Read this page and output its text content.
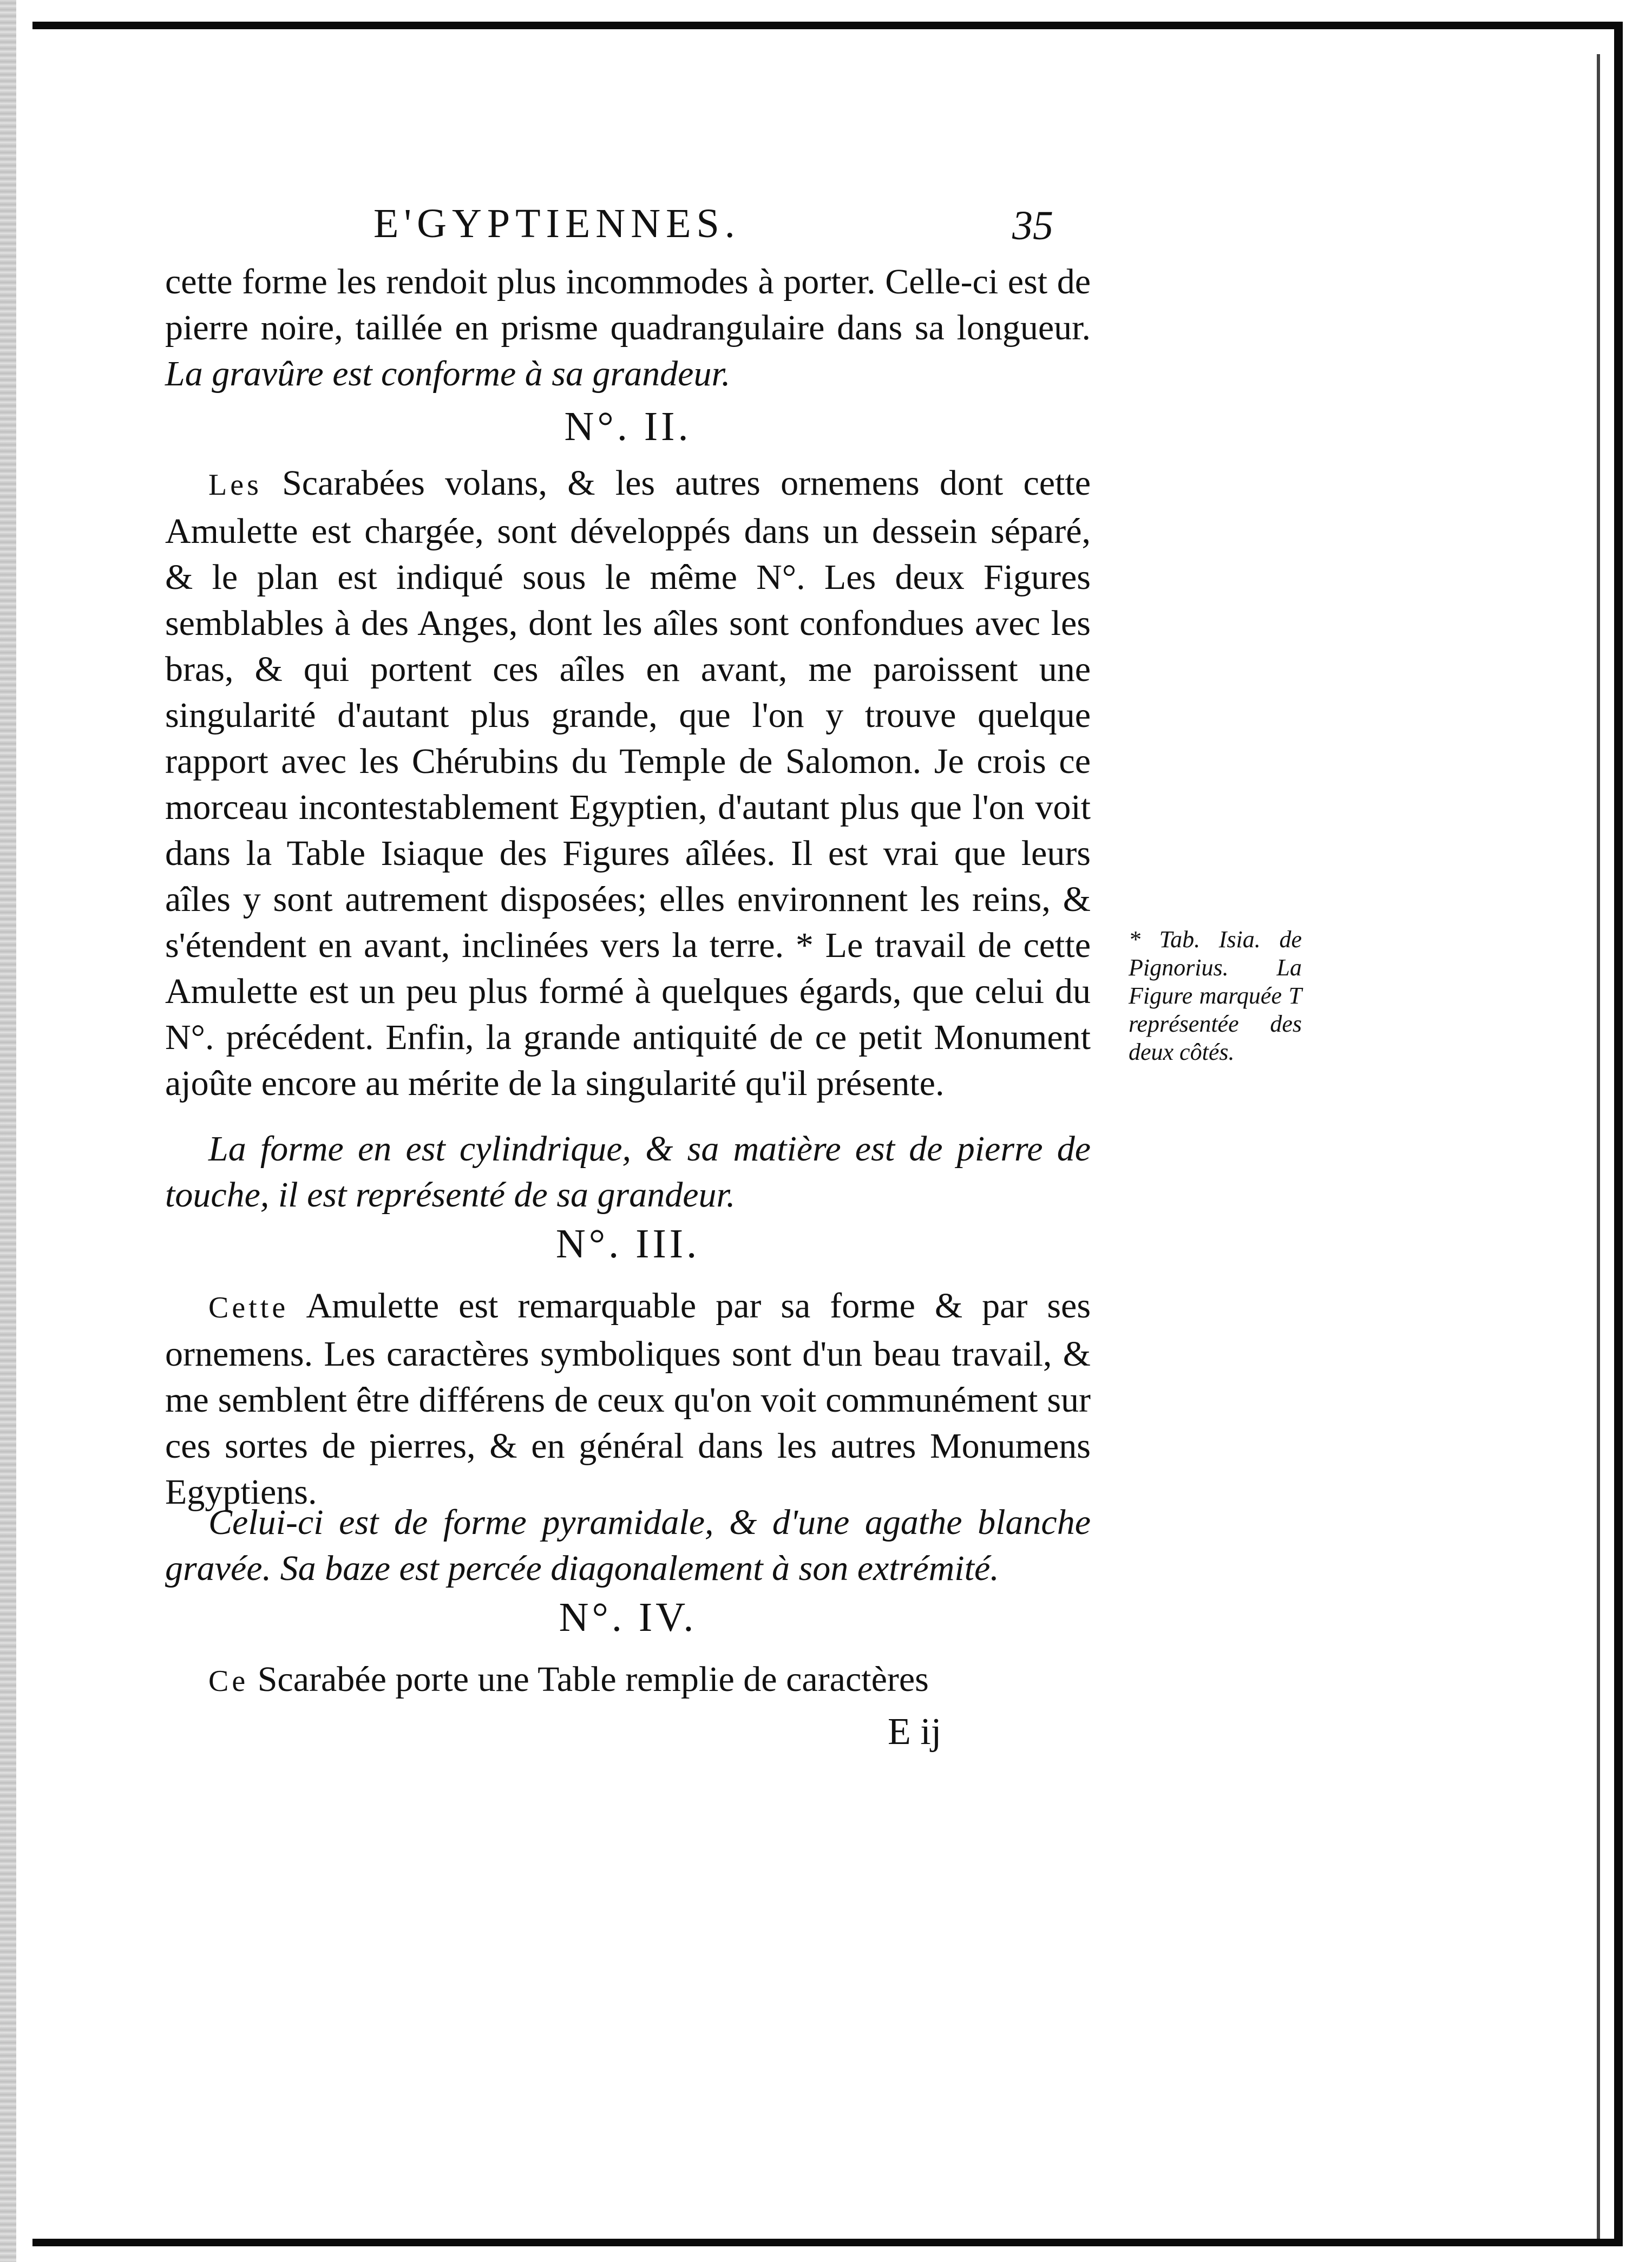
E'GYPTIENNES.	35
cette forme les rendoit plus incommodes à porter. Celle-ci est de pierre noire, taillée en prisme quadrangulaire dans sa longueur. La gravûre est conforme à sa grandeur.
N°. II.
Les Scarabées volans, & les autres ornemens dont cette Amulette est chargée, sont développés dans un dessein séparé, & le plan est indiqué sous le même N°. Les deux Figures semblables à des Anges, dont les aîles sont confondues avec les bras, & qui portent ces aîles en avant, me paroissent une singularité d'autant plus grande, que l'on y trouve quelque rapport avec les Chérubins du Temple de Salomon. Je crois ce morceau incontestablement Egyptien, d'autant plus que l'on voit dans la Table Isiaque des Figures aîlées. Il est vrai que leurs aîles y sont autrement disposées; elles environnent les reins, & s'étendent en avant, inclinées vers la terre. * Le travail de cette Amulette est un peu plus formé à quelques égards, que celui du N°. précédent. Enfin, la grande antiquité de ce petit Monument ajoûte encore au mérite de la singularité qu'il présente.
La forme en est cylindrique, & sa matière est de pierre de touche, il est représenté de sa grandeur.
N°. III.
Cette Amulette est remarquable par sa forme & par ses ornemens. Les caractères symboliques sont d'un beau travail, & me semblent être différens de ceux qu'on voit communément sur ces sortes de pierres, & en général dans les autres Monumens Egyptiens.
Celui-ci est de forme pyramidale, & d'une agathe blanche gravée. Sa baze est percée diagonalement à son extrémité.
N°. IV.
Ce Scarabée porte une Table remplie de caractères
E ij
* Tab. Isia. de Pignorius. La Figure marquée T représentée des deux côtés.
